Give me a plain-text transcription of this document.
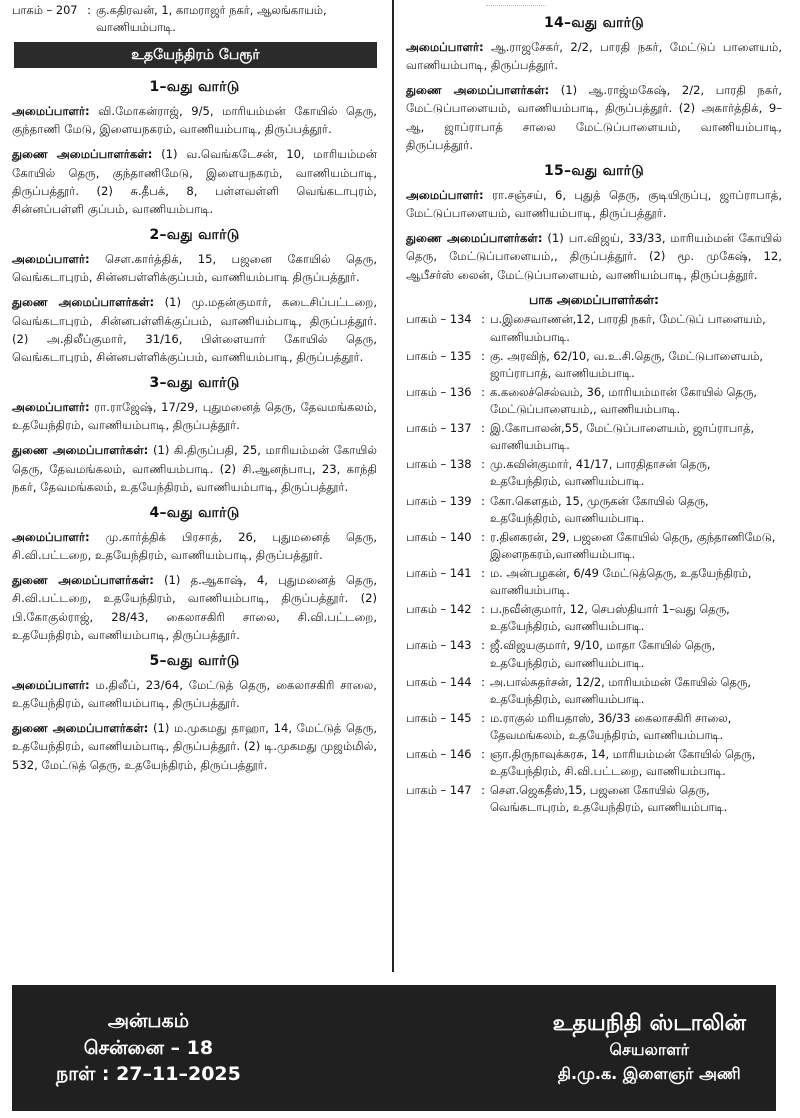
பாகம் – 207 : கு.கதிரவன், 1, காமராஜர் நகர், ஆலங்காயம், வாணியம்பாடி.
உதயேந்திரம் பேரூர்
1–வது வார்டு
அமைப்பாளர்: வி.மோகன்ராஜ், 9/5, மாரியம்மன் கோயில் தெரு, குந்தாணி மேடு, இளையநகரம், வாணியம்பாடி, திருப்பத்தூர்.
துணை அமைப்பாளர்கள்: (1) வ.வெங்கடேசன், 10, மாரியம்மன் கோயில் தெரு, குந்தாணிமேடு, இளையநகரம், வாணியம்பாடி, திருப்பத்தூர். (2) சு.தீபக், 8, பள்ளவள்ளி வெங்கடாபுரம், சின்னப்பள்ளி குப்பம், வாணியம்பாடி.
2–வது வார்டு
அமைப்பாளர்: சௌ.கார்த்திக், 15, பஜனை கோயில் தெரு, வெங்கடாபுரம், சின்னபள்ளிக்குப்பம், வாணியம்பாடி திருப்பத்தூர்.
துணை அமைப்பாளர்கள்: (1) மு.மதன்குமார், கடைசிப்பட்டறை, வெங்கடாபுரம், சின்னபள்ளிக்குப்பம், வாணியம்பாடி, திருப்பத்தூர். (2) அ.திலீப்குமார், 31/16, பிள்ளையார் கோயில் தெரு, வெங்கடாபுரம், சின்னபள்ளிக்குப்பம், வாணியம்பாடி, திருப்பத்தூர்.
3–வது வார்டு
அமைப்பாளர்: ரா.ராஜேஷ், 17/29, புதுமனைத் தெரு, தேவமங்கலம், உதயேந்திரம், வாணியம்பாடி, திருப்பத்தூர்.
துணை அமைப்பாளர்கள்: (1) கி.திருப்பதி, 25, மாரியம்மன் கோயில் தெரு, தேவமங்கலம், வாணியம்பாடி. (2) சி.ஆனந்பாபு, 23, காந்தி நகர், தேவமங்கலம், உதயேந்திரம், வாணியம்பாடி, திருப்பத்தூர்.
4–வது வார்டு
அமைப்பாளர்: மு.கார்த்திக் பிரசாத், 26, புதுமனைத் தெரு, சி.வி.பட்டறை, உதயேந்திரம், வாணியம்பாடி, திருப்பத்தூர்.
துணை அமைப்பாளர்கள்: (1) த.ஆகாஷ், 4, புதுமனைத் தெரு, சி.வி.பட்டறை, உதயேந்திரம், வாணியம்பாடி, திருப்பத்தூர். (2) பி.கோகுல்ராஜ், 28/43, கைலாசகிரி சாலை, சி.வி.பட்டறை, உதயேந்திரம், வாணியம்பாடி, திருப்பத்தூர்.
5–வது வார்டு
அமைப்பாளர்: ம.திலீப், 23/64, மேட்டுத் தெரு, கைலாசகிரி சாலை, உதயேந்திரம், வாணியம்பாடி, திருப்பத்தூர்.
துணை அமைப்பாளர்கள்: (1) ம.முகமது தாஹா, 14, மேட்டுத் தெரு, உதயேந்திரம், வாணியம்பாடி, திருப்பத்தூர். (2) டி.முகமது முஜம்மில், 532, மேட்டுத் தெரு, உதயேந்திரம், திருப்பத்தூர்.
14–வது வார்டு
அமைப்பாளர்: ஆ.ராஜசேகர், 2/2, பாரதி நகர், மேட்டுப் பாளையம், வாணியம்பாடி, திருப்பத்தூர்.
துணை அமைப்பாளர்கள்: (1) ஆ.ராஜ்மகேஷ், 2/2, பாரதி நகர், மேட்டுப்பாளையம், வாணியம்பாடி, திருப்பத்தூர். (2) அகார்த்திக், 9–ஆ, ஜாப்ராபாத் சாலை மேட்டுப்பாளையம், வாணியம்பாடி, திருப்பத்தூர்.
15–வது வார்டு
அமைப்பாளர்: ரா.சஞ்சய், 6, புதுத் தெரு, குடியிருப்பு, ஜாப்ராபாத், மேட்டுப்பாளையம், வாணியம்பாடி, திருப்பத்தூர்.
துணை அமைப்பாளர்கள்: (1) பா.விஜய், 33/33, மாரியம்மன் கோயில் தெரு, மேட்டுப்பாளையம்,, திருப்பத்தூர். (2) மூ. முகேஷ், 12, ஆபீசர்ஸ் லைன், மேட்டுப்பாளையம், வாணியம்பாடி, திருப்பத்தூர்.
பாக அமைப்பாளர்கள்:
பாகம் – 134 : ப.இசைவாணன்,12, பாரதி நகர், மேட்டுப் பாளையம், வாணியம்பாடி.
பாகம் – 135 : கு. அரவிந், 62/10, வ.உ.சி.தெரு, மேட்டுபாளையம், ஜாப்ராபாத், வாணியம்பாடி.
பாகம் – 136 : க.கலைச்செல்வம், 36, மாரியம்மான் கோயில் தெரு, மேட்டுப்பாளையம்,, வாணியம்பாடி.
பாகம் – 137 : இ.கோபாலன்,55, மேட்டுப்பாளையம், ஜாப்ராபாத், வாணியம்பாடி.
பாகம் – 138 : மு.கவின்குமார், 41/17, பாரதிதாசன் தெரு, உதயேந்திரம், வாணியம்பாடி.
பாகம் – 139 : கோ.கௌதம், 15, முருகன் கோயில் தெரு, உதயேந்திரம், வாணியம்பாடி.
பாகம் – 140 : ர.தினகரன், 29, பஜனை கோயில் தெரு, குந்தாணிமேடு, இளைநகரம்,வாணியம்பாடி.
பாகம் – 141 : ம. அன்பழகன், 6/49 மேட்டுத்தெரு, உதயேந்திரம், வாணியம்பாடி.
பாகம் – 142 : ப.நவீன்குமார், 12, செபஸ்தியார் 1–வது தெரு, உதயேந்திரம், வாணியம்பாடி.
பாகம் – 143 : ஜீ.விஜயகுமார், 9/10, மாதா கோயில் தெரு, உதயேந்திரம், வாணியம்பாடி.
பாகம் – 144 : அ.பால்சுதர்சன், 12/2, மாரியம்மன் கோயில் தெரு, உதயேந்திரம், வாணியம்பாடி.
பாகம் – 145 : ம.ராகுல் மரியதாஸ், 36/33 கைலாசகிரி சாலை, தேவமங்கலம், உதயேந்திரம், வாணியம்பாடி.
பாகம் – 146 : ஞா.திருநாவுக்கரசு, 14, மாரியம்மன் கோயில் தெரு, உதயேந்திரம், சி.வி.பட்டறை, வாணியம்பாடி.
பாகம் – 147 : சௌ.ஜெகதீஸ்,15, பஜனை கோயில் தெரு, வெங்கடாபுரம், உதயேந்திரம், வாணியம்பாடி.
அன்பகம்
சென்னை – 18
நாள் : 27–11–2025
உதயநிதி ஸ்டாலின்
செயலாளர்
தி.மு.க. இளைஞர் அணி
